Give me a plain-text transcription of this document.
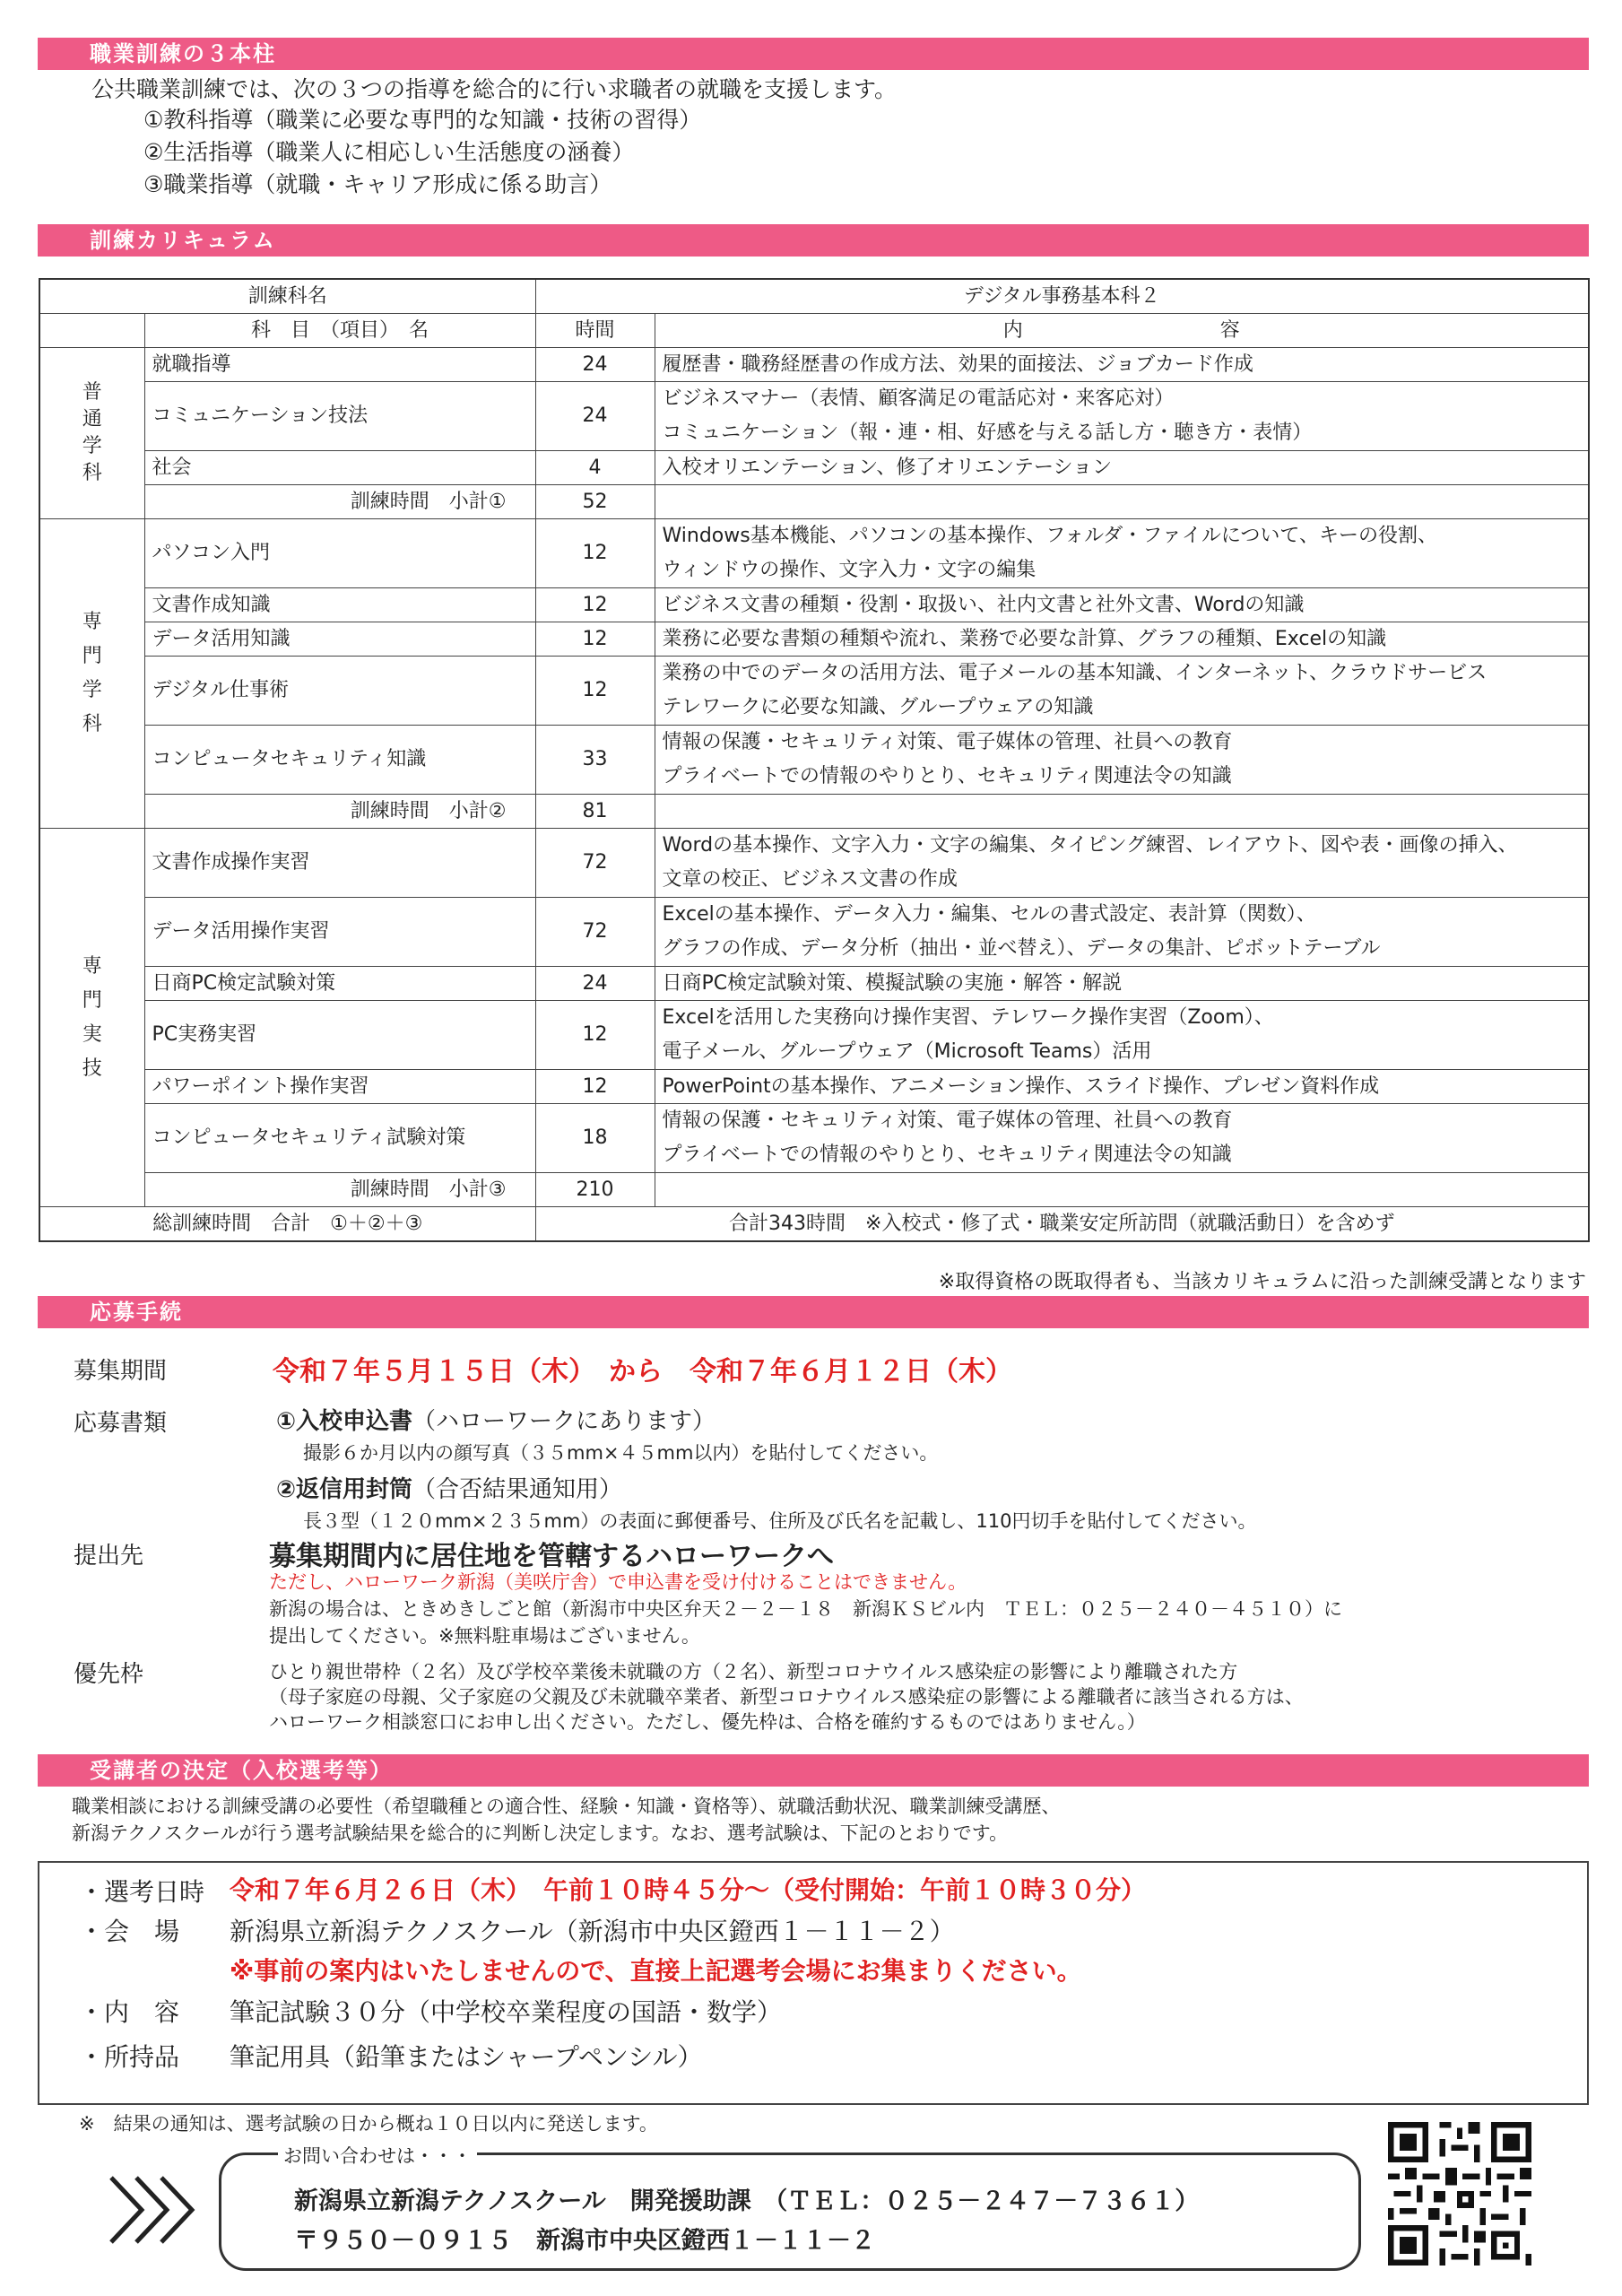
職業訓練の３本柱
公共職業訓練では、次の３つの指導を総合的に行い求職者の就職を支援します。
①教科指導（職業に必要な専門的な知識・技術の習得）
②生活指導（職業人に相応しい生活態度の涵養）
③職業指導（就職・キャリア形成に係る助言）
訓練カリキュラム
訓練科名		デジタル事務基本科２	
	科　目　（項目）　名	時間	内　　　　　　　　　　容
普通学科	就職指導	24	履歴書・職務経歴書の作成方法、効果的面接法、ジョブカード作成

	コミュニケーション技法	24	ビジネスマナー（表情、顧客満足の電話応対・来客応対）
コミュニケーション（報・連・相、好感を与える話し方・聴き方・表情）

	社会	4	入校オリエンテーション、修了オリエンテーション

	訓練時間　小計①	52	
専門学科	パソコン入門	12	Windows基本機能、パソコンの基本操作、フォルダ・ファイルについて、キーの役割、
ウィンドウの操作、文字入力・文字の編集

	文書作成知識	12	ビジネス文書の種類・役割・取扱い、社内文書と社外文書、Wordの知識

	データ活用知識	12	業務に必要な書類の種類や流れ、業務で必要な計算、グラフの種類、Excelの知識

	デジタル仕事術	12	業務の中でのデータの活用方法、電子メールの基本知識、インターネット、クラウドサービス
テレワークに必要な知識、グループウェアの知識

	コンピュータセキュリティ知識	33	情報の保護・セキュリティ対策、電子媒体の管理、社員への教育
プライベートでの情報のやりとり、セキュリティ関連法令の知識

	訓練時間　小計②	81	
専門実技	文書作成操作実習	72	Wordの基本操作、文字入力・文字の編集、タイピング練習、レイアウト、図や表・画像の挿入、
文章の校正、ビジネス文書の作成

	データ活用操作実習	72	Excelの基本操作、データ入力・編集、セルの書式設定、表計算（関数）、
グラフの作成、データ分析（抽出・並べ替え）、データの集計、ピボットテーブル

	日商PC検定試験対策	24	日商PC検定試験対策、模擬試験の実施・解答・解説

	PC実務実習	12	Excelを活用した実務向け操作実習、テレワーク操作実習（Zoom）、
電子メール、グループウェア（Microsoft Teams）活用

	パワーポイント操作実習	12	PowerPointの基本操作、アニメーション操作、スライド操作、プレゼン資料作成

	コンピュータセキュリティ試験対策	18	情報の保護・セキュリティ対策、電子媒体の管理、社員への教育
プライベートでの情報のやりとり、セキュリティ関連法令の知識

	訓練時間　小計③	210	
総訓練時間　合計　①＋②＋③		合計343時間　※入校式・修了式・職業安定所訪問（就職活動日）を含めず	
※取得資格の既取得者も、当該カリキュラムに沿った訓練受講となります
応募手続
募集期間	令和７年５月１５日（木）　から　令和７年６月１２日（木）
応募書類	①入校申込書（ハローワークにあります）
撮影６か月以内の顔写真（３５mm×４５mm以内）を貼付してください。
②返信用封筒（合否結果通知用）
長３型（１２０mm×２３５mm）の表面に郵便番号、住所及び氏名を記載し、110円切手を貼付してください。
提出先	募集期間内に居住地を管轄するハローワークへ
ただし、ハローワーク新潟（美咲庁舎）で申込書を受け付けることはできません。
新潟の場合は、ときめきしごと館（新潟市中央区弁天２－２－１８　新潟ＫＳビル内　ＴＥＬ：０２５－２４０－４５１０）に
提出してください。※無料駐車場はございません。
優先枠	ひとり親世帯枠（２名）及び学校卒業後未就職の方（２名）、新型コロナウイルス感染症の影響により離職された方
（母子家庭の母親、父子家庭の父親及び未就職卒業者、新型コロナウイルス感染症の影響による離職者に該当される方は、
ハローワーク相談窓口にお申し出ください。ただし、優先枠は、合格を確約するものではありません。）
受講者の決定（入校選考等）
職業相談における訓練受講の必要性（希望職種との適合性、経験・知識・資格等）、就職活動状況、職業訓練受講歴、
新潟テクノスクールが行う選考試験結果を総合的に判断し決定します。なお、選考試験は、下記のとおりです。
・選考日時 令和７年６月２６日（木）　午前１０時４５分～（受付開始：午前１０時３０分）
・会　場 新潟県立新潟テクノスクール（新潟市中央区鐙西１－１１－２）
※事前の案内はいたしませんので、直接上記選考会場にお集まりください。
・内　容 筆記試験３０分（中学校卒業程度の国語・数学）
・所持品 筆記用具（鉛筆またはシャープペンシル）
※　結果の通知は、選考試験の日から概ね１０日以内に発送します。
お問い合わせは・・・
新潟県立新潟テクノスクール　開発援助課　（ＴＥＬ：０２５－２４７－７３６１）
〒９５０－０９１５　新潟市中央区鐙西１－１１－２
